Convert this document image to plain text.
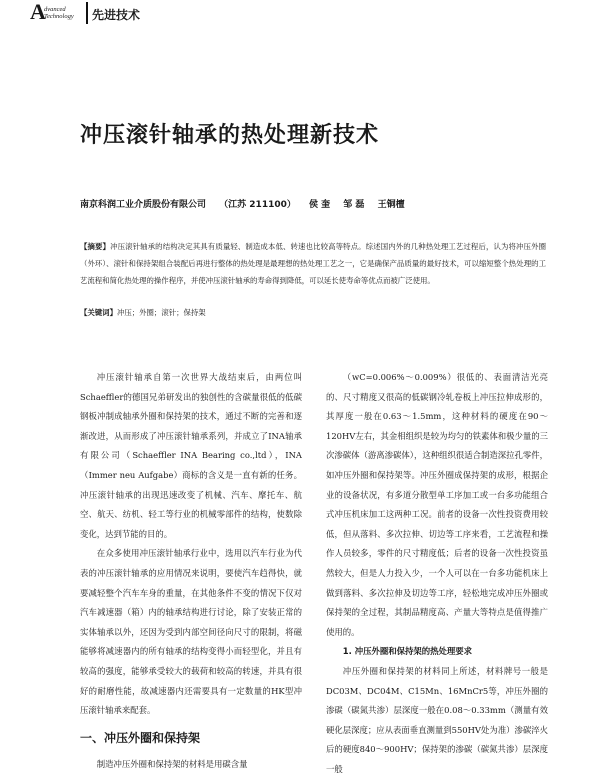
A
dvanced
Technology 先进技术
冲压滚针轴承的热处理新技术
南京科润工业介质股份有限公司 （江苏 211100） 侯 奎 邹 磊 王铜檀
【摘要】冲压滚针轴承的结构决定其具有质量轻、制造成本低、转速也比较高等特点。综述国内外的几种热处理工艺过程后，认为将冲压外圈（外环）、滚针和保持架组合装配后再进行整体的热处理是最理想的热处理工艺之一，它是确保产品质量的最好技术，可以缩短整个热处理的工艺流程和简化热处理的操作程序，并使冲压滚针轴承的寿命得到降低，可以延长使寿命等优点而被广泛使用。
【关键词】冲压；外圈；滚针；保持架

冲压滚针轴承自第一次世界大战结束后，由两位叫Schaeffler的德国兄弟研发出的独创性的含碳量很低的低碳钢板冲制成轴承外圈和保持架的技术，通过不断的完善和逐渐改进，从而形成了冲压滚针轴承系列，并成立了INA轴承有限公司（Schaeffler INA Bearing co.,ltd），INA（Immer neu Aufgabe）商标的含义是一直有新的任务。冲压滚针轴承的出现迅速改变了机械、汽车、摩托车、航空、航天、纺机、轻工等行业的机械零部件的结构，使数除变化，达到节能的目的。

在众多使用冲压滚针轴承行业中，选用以汽车行业为代表的冲压滚针轴承的应用情况来说明，要使汽车趋得快，就要减轻整个汽车车身的重量，在其他条件不变的情况下仅对汽车减速器（箱）内的轴承结构进行讨论，除了安装正常的实体轴承以外，还因为受到内部空间径向尺寸的限制，将磁能够将减速器内的所有轴承的结构变得小而轻型化，并且有较高的强度，能够承受较大的载荷和较高的转速，并具有很好的耐磨性能，故减速器内还需要具有一定数量的HK型冲压滚针轴承来配套。

一、冲压外圈和保持架

制造冲压外圈和保持架的材料是用碳含量

（wC=0.006%～0.009%）很低的、表面清洁光亮的、尺寸精度又很高的低碳钢冷轧卷板上冲压拉伸成形的，其厚度一般在0.63～1.5mm，这种材料的硬度在90～120HV左右，其金相组织是较为均匀的铁素体和极少量的三次渗碳体（游离渗碳体），这种组织很适合制造深拉孔零件，如冲压外圈和保持架等。冲压外圈成保持架的成形，根据企业的设备状况，有多道分散型单工序加工或一台多功能组合式冲压机床加工这两种工况。前者的设备一次性投资费用较低，但从落料、多次拉伸、切边等工序来看，工艺流程和操作人员较多，零件的尺寸精度低；后者的设备一次性投资虽然较大，但是人力投入少，一个人可以在一台多功能机床上做到落料、多次拉伸及切边等工序，轻松地完成冲压外圈或保持架的全过程，其制品精度高、产量大等特点是值得推广使用的。

1. 冲压外圈和保持架的热处理要求

冲压外圈和保持架的材料同上所述，材料牌号一般是DC03M、DC04M、C15Mn、16MnCr5等，冲压外圈的渗碳（碳氮共渗）层深度一般在0.08～0.33mm（测量有效硬化层深度；应从表面垂直测量到550HV处为准）渗碳淬火后的硬度840～900HV；保持架的渗碳（碳氮共渗）层深度一般
